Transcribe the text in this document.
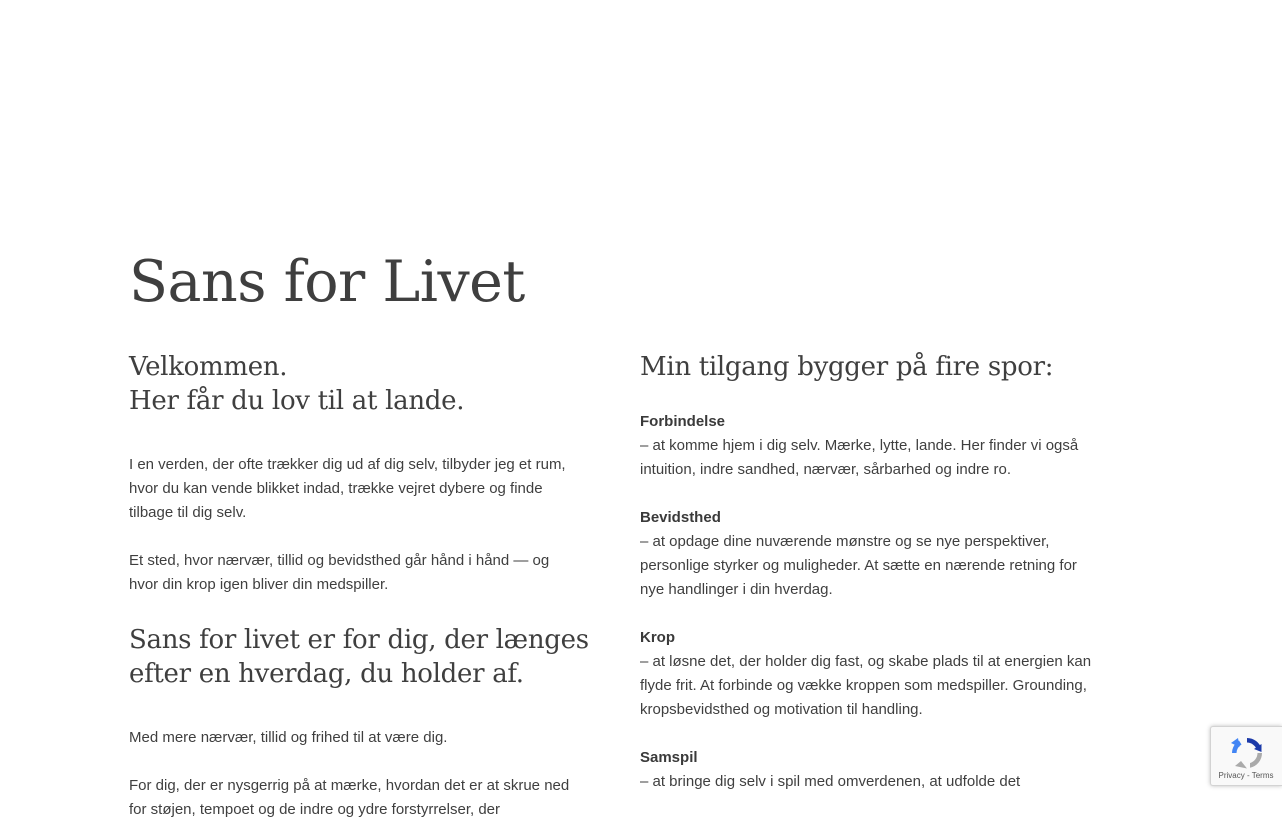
Sans for Livet
Velkommen.
Her får du lov til at lande.

I en verden, der ofte trækker dig ud af dig selv, tilbyder jeg et rum, hvor du kan vende blikket indad, trække vejret dybere og finde tilbage til dig selv.

Et sted, hvor nærvær, tillid og bevidsthed går hånd i hånd — og hvor din krop igen bliver din medspiller.

Sans for livet er for dig, der længes
efter en hverdag, du holder af.

Med mere nærvær, tillid og frihed til at være dig.

For dig, der er nysgerrig på at mærke, hvordan det er at skrue ned for støjen, tempoet og de indre og ydre forstyrrelser, der

Min tilgang bygger på fire spor:

Forbindelse
– at komme hjem i dig selv. Mærke, lytte, lande. Her finder vi også intuition, indre sandhed, nærvær, sårbarhed og indre ro.

Bevidsthed
– at opdage dine nuværende mønstre og se nye perspektiver, personlige styrker og muligheder. At sætte en nærende retning for nye handlinger i din hverdag.

Krop
– at løsne det, der holder dig fast, og skabe plads til at energien kan flyde frit. At forbinde og vække kroppen som medspiller. Grounding, kropsbevidsthed og motivation til handling.

Samspil
– at bringe dig selv i spil med omverdenen, at udfolde det	Privacy - Terms
